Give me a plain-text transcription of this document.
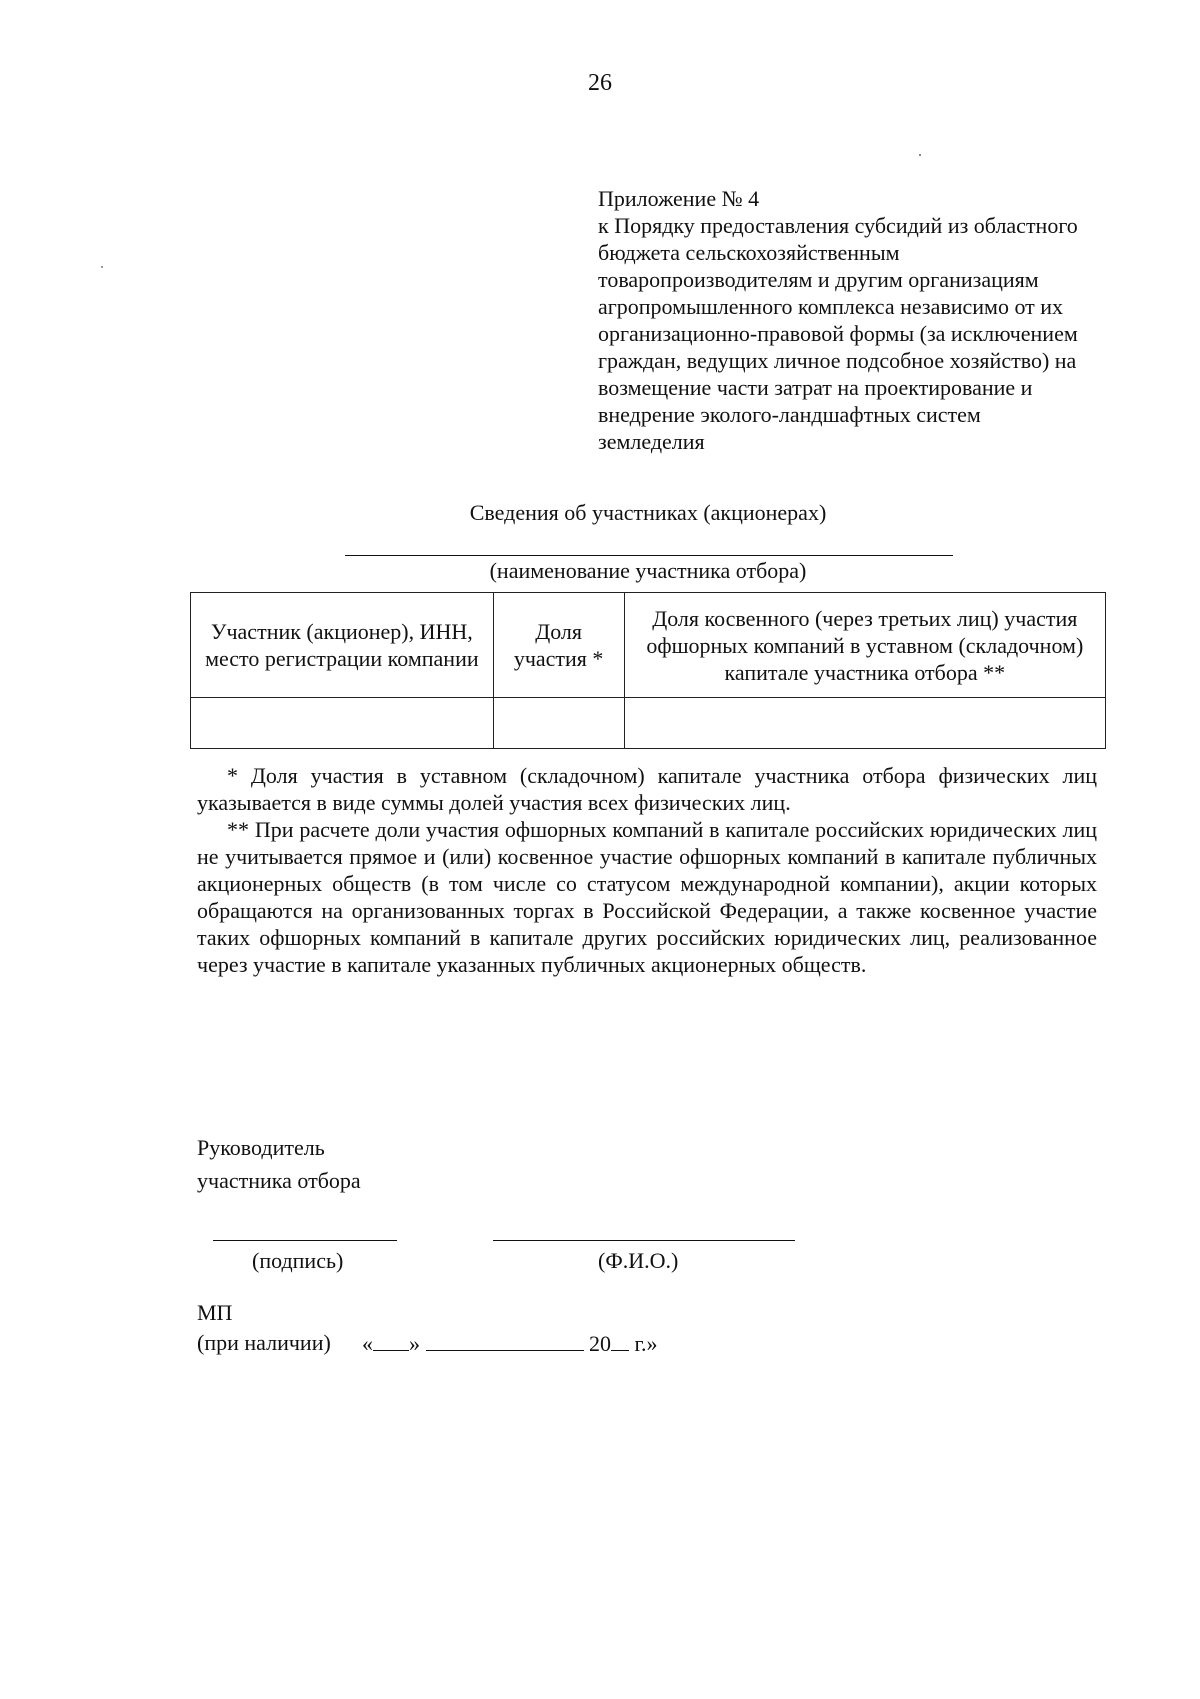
26
Приложение № 4
к Порядку предоставления субсидий из областного
бюджета сельскохозяйственным
товаропроизводителям и другим организациям
агропромышленного комплекса независимо от их
организационно-правовой формы (за исключением
граждан, ведущих личное подсобное хозяйство) на
возмещение части затрат на проектирование и
внедрение эколого-ландшафтных систем
земледелия
Сведения об участниках (акционерах)
(наименование участника отбора)
Участник (акционер), ИНН, место регистрации компании	Доля участия *	Доля косвенного (через третьих лиц) участия офшорных компаний в уставном (складочном) капитале участника отбора **

* Доля участия в уставном (складочном) капитале участника отбора физических лиц указывается в виде суммы долей участия всех физических лиц.

** При расчете доли участия офшорных компаний в капитале российских юридических лиц не учитывается прямое и (или) косвенное участие офшорных компаний в капитале публичных акционерных обществ (в том числе со статусом международной компании), акции которых обращаются на организованных торгах в Российской Федерации, а также косвенное участие таких офшорных компаний в капитале других российских юридических лиц, реализованное через участие в капитале указанных публичных акционерных обществ.

Руководитель
участника отбора
(подпись)	(Ф.И.О.)
МП
(при наличии) « »	20 г.»
